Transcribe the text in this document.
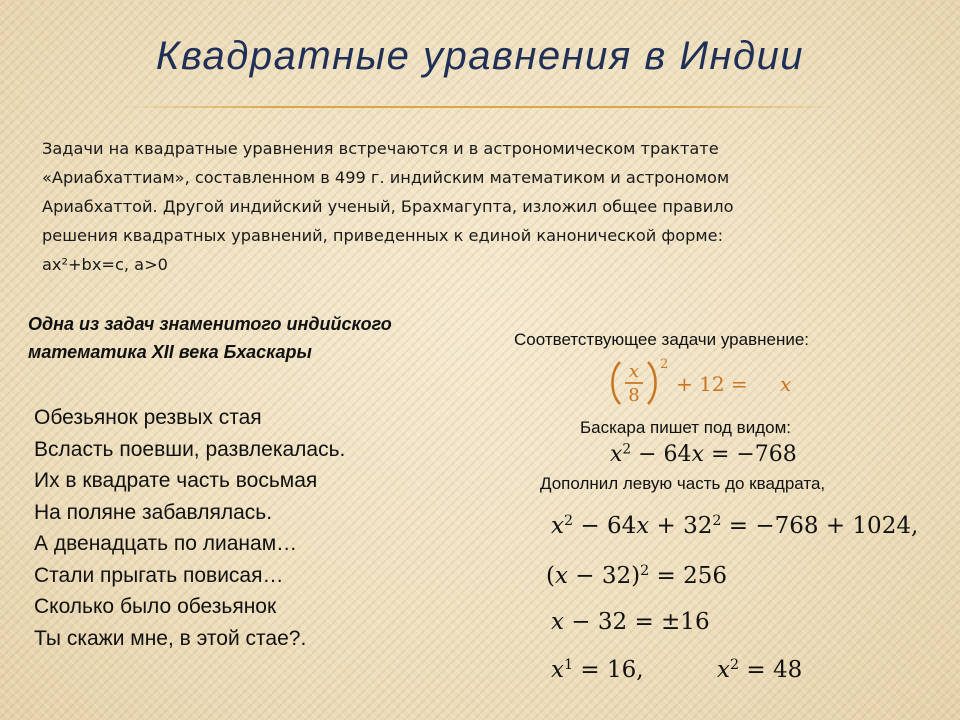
Квадратные уравнения в Индии
Задачи на квадратные уравнения встречаются и в астрономическом трактате
«Ариабхаттиам», составленном в 499 г. индийским математиком и астрономом
Ариабхаттой. Другой индийский ученый, Брахмагупта, изложил общее правило
решения квадратных уравнений, приведенных к единой канонической форме:
ах²+bх=с, а>0
Одна из задач знаменитого индийского
математика XII века Бхаскары
Обезьянок резвых стая
Всласть поевши, развлекалась.
Их в квадрате часть восьмая
На поляне забавлялась.
А двенадцать по лианам…
Стали прыгать повисая…
Сколько было обезьянок
Ты скажи мне, в этой стае?.
Соответствующее задачи уравнение:
x
8
2
+ 12 = x
Баскара пишет под видом:
$x^2 - 64x = -768$
Дополнил левую часть до квадрата,
$x^2 - 64x + 32^2 = -768 + 1024$,
$(x - 32)^2 = 256$
x − 32 = ±16
$x^1 = 16$,	$x^2 = 48$
